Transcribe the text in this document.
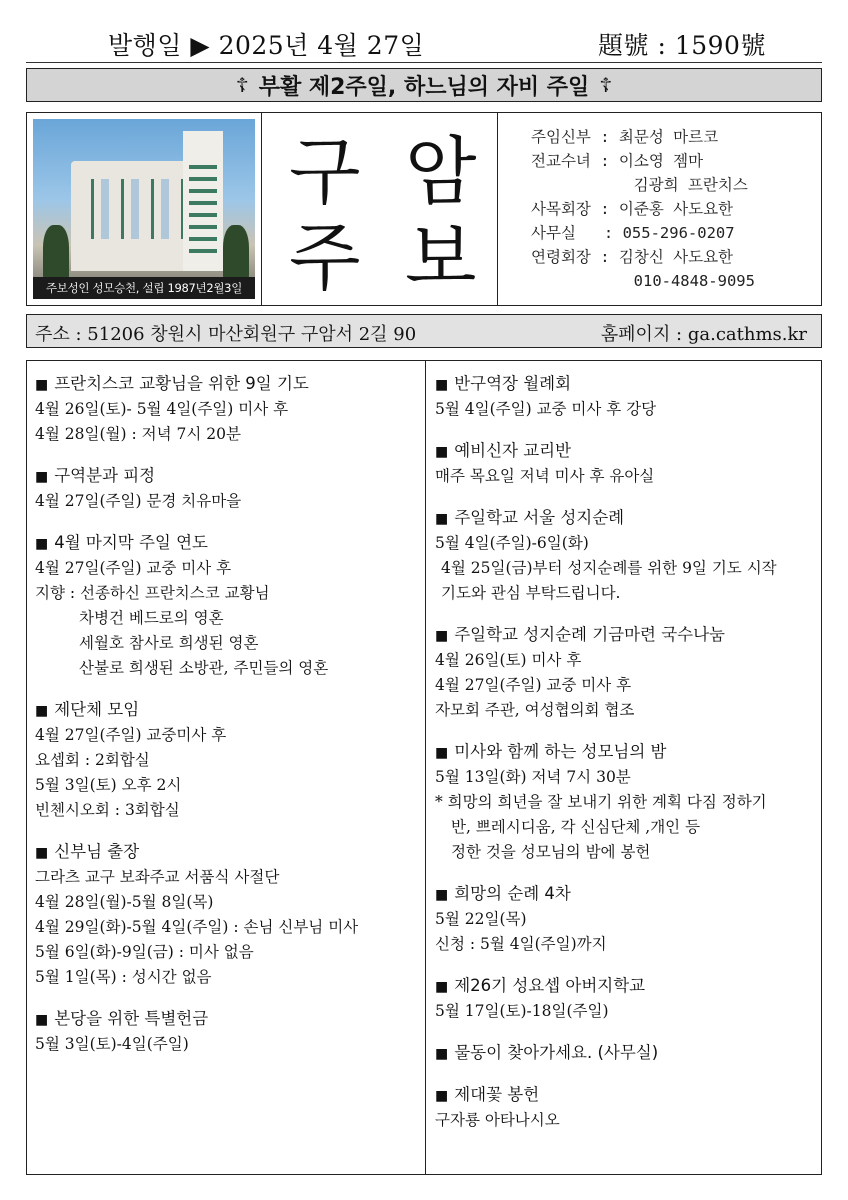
발행일 ▶ 2025년 4월 27일	題號 : 1590號
☦ 부활 제2주일, 하느님의 자비 주일 ☦
주보성인 성모승천, 설립 1987년2월3일
구 암
주 보
주임신부 : 최문성 마르코
전교수녀 : 이소영 젬마
김광희 프란치스
사목회장 : 이준홍 사도요한
사무실   : 055-296-0207
연령회장 : 김창신 사도요한
010-4848-9095
주소 : 51206 창원시 마산회원구 구암서 2길 90	홈페이지 : ga.cathms.kr
■ 프란치스코 교황님을 위한 9일 기도
4월 26일(토)- 5월 4일(주일) 미사 후
4월 28일(월) : 저녁 7시 20분
■ 구역분과 피정
4월 27일(주일) 문경 치유마을
■ 4월 마지막 주일 연도
4월 27일(주일) 교중 미사 후
지향 : 선종하신 프란치스코 교황님
차병건 베드로의 영혼
세월호 참사로 희생된 영혼
산불로 희생된 소방관, 주민들의 영혼
■ 제단체 모임
4월 27일(주일) 교중미사 후
요셉회 : 2회합실
5월 3일(토) 오후 2시
빈첸시오회 : 3회합실
■ 신부님 출장
그라츠 교구 보좌주교 서품식 사절단
4월 28일(월)-5월 8일(목)
4월 29일(화)-5월 4일(주일) : 손님 신부님 미사
5월 6일(화)-9일(금) : 미사 없음
5월 1일(목) : 성시간 없음
■ 본당을 위한 특별헌금
5월 3일(토)-4일(주일)
■ 반구역장 월례회
5월 4일(주일) 교중 미사 후 강당
■ 예비신자 교리반
매주 목요일 저녁 미사 후 유아실
■ 주일학교 서울 성지순례
5월 4일(주일)-6일(화)
4월 25일(금)부터 성지순례를 위한 9일 기도 시작
기도와 관심 부탁드립니다.
■ 주일학교 성지순례 기금마련 국수나눔
4월 26일(토) 미사 후
4월 27일(주일) 교중 미사 후
자모회 주관, 여성협의회 협조
■ 미사와 함께 하는 성모님의 밤
5월 13일(화) 저녁 7시 30분
* 희망의 희년을 잘 보내기 위한 계획 다짐 정하기
반, 쁘레시디움, 각 신심단체 ,개인 등
정한 것을 성모님의 밤에 봉헌
■ 희망의 순례 4차
5월 22일(목)
신청 : 5월 4일(주일)까지
■ 제26기 성요셉 아버지학교
5월 17일(토)-18일(주일)
■ 물동이 찾아가세요. (사무실)
■ 제대꽃 봉헌
구자룡 아타나시오
